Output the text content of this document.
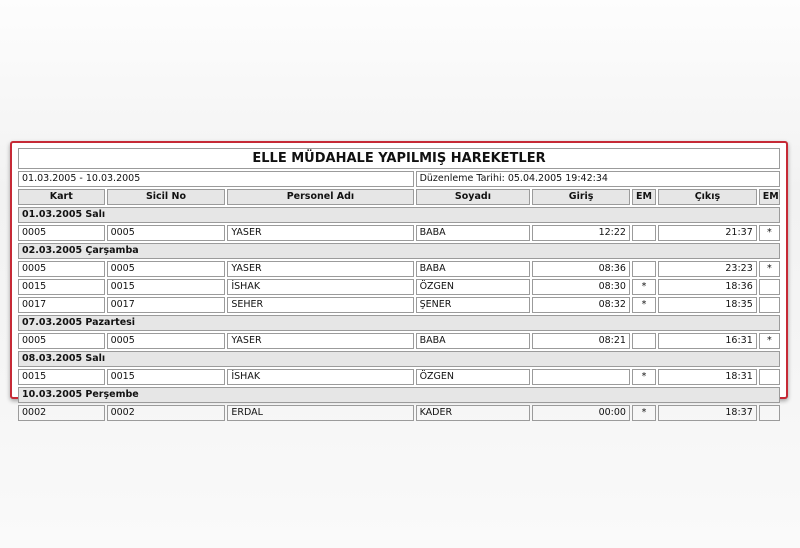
ELLE MÜDAHALE YAPILMIŞ HAREKETLER							
01.03.2005 - 10.03.2005			Düzenleme Tarihi: 05.04.2005 19:42:34				
Kart	Sicil No	Personel Adı	Soyadı	Giriş	EM	Çıkış	EM
01.03.2005 Salı							
0005	0005	YASER	BABA	12:22		21:37	*
02.03.2005 Çarşamba							
0005	0005	YASER	BABA	08:36		23:23	*
0015	0015	İSHAK	ÖZGEN	08:30	*	18:36	
0017	0017	SEHER	ŞENER	08:32	*	18:35	
07.03.2005 Pazartesi							
0005	0005	YASER	BABA	08:21		16:31	*
08.03.2005 Salı							
0015	0015	İSHAK	ÖZGEN		*	18:31	
10.03.2005 Perşembe							
0002	0002	ERDAL	KADER	00:00	*	18:37	
